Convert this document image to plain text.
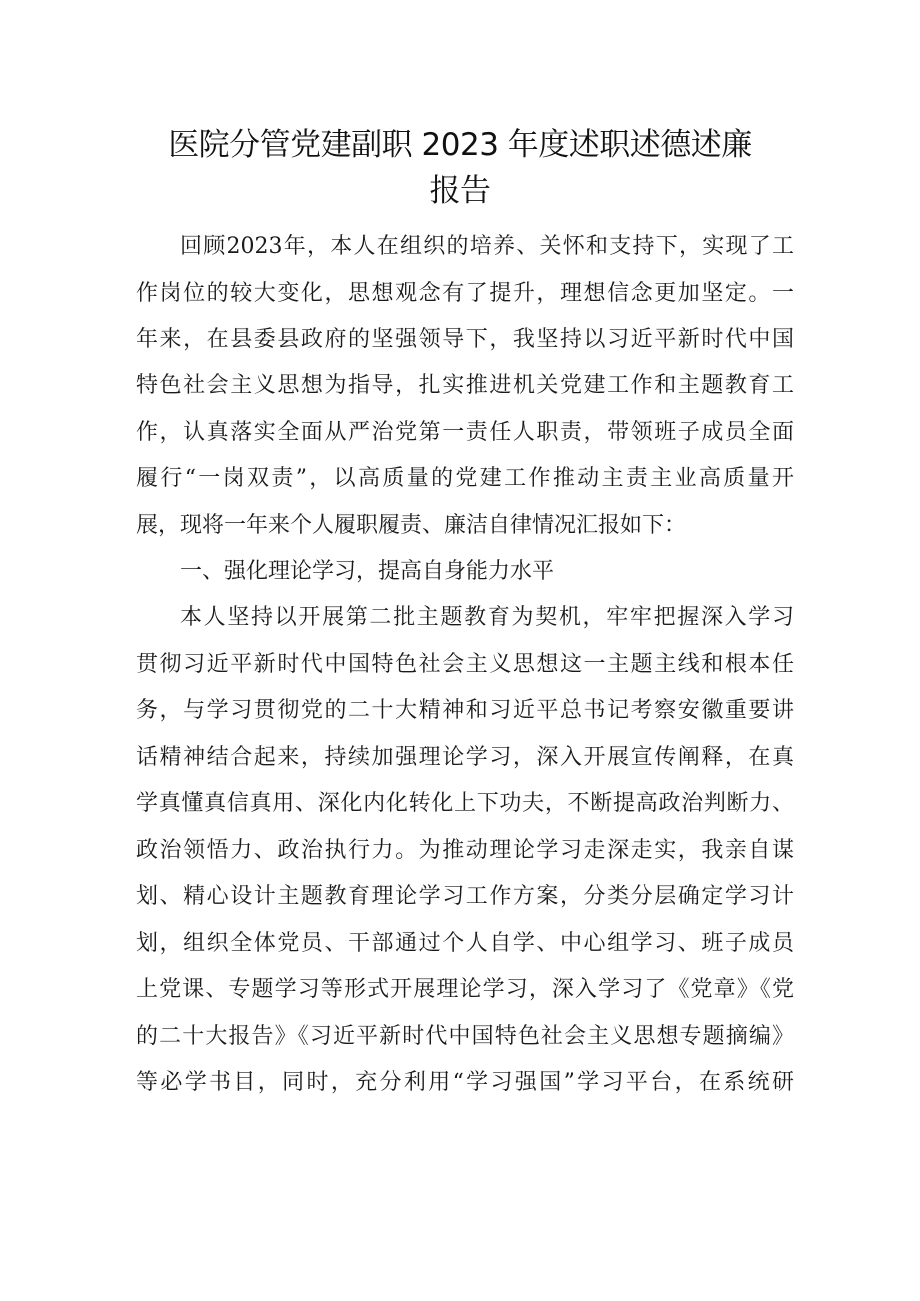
医院分管党建副职 2023 年度述职述德述廉
报告
回顾2023年，本人在组织的培养、关怀和支持下，实现了工
作岗位的较大变化，思想观念有了提升，理想信念更加坚定。一
年来，在县委县政府的坚强领导下，我坚持以习近平新时代中国
特色社会主义思想为指导，扎实推进机关党建工作和主题教育工
作，认真落实全面从严治党第一责任人职责，带领班子成员全面
履行“一岗双责”，以高质量的党建工作推动主责主业高质量开
展，现将一年来个人履职履责、廉洁自律情况汇报如下：
一、强化理论学习，提高自身能力水平
本人坚持以开展第二批主题教育为契机，牢牢把握深入学习
贯彻习近平新时代中国特色社会主义思想这一主题主线和根本任
务，与学习贯彻党的二十大精神和习近平总书记考察安徽重要讲
话精神结合起来，持续加强理论学习，深入开展宣传阐释，在真
学真懂真信真用、深化内化转化上下功夫，不断提高政治判断力、
政治领悟力、政治执行力。为推动理论学习走深走实，我亲自谋
划、精心设计主题教育理论学习工作方案，分类分层确定学习计
划，组织全体党员、干部通过个人自学、中心组学习、班子成员
上党课、专题学习等形式开展理论学习，深入学习了《党章》《党
的二十大报告》《习近平新时代中国特色社会主义思想专题摘编》
等必学书目，同时，充分利用“学习强国”学习平台，在系统研
